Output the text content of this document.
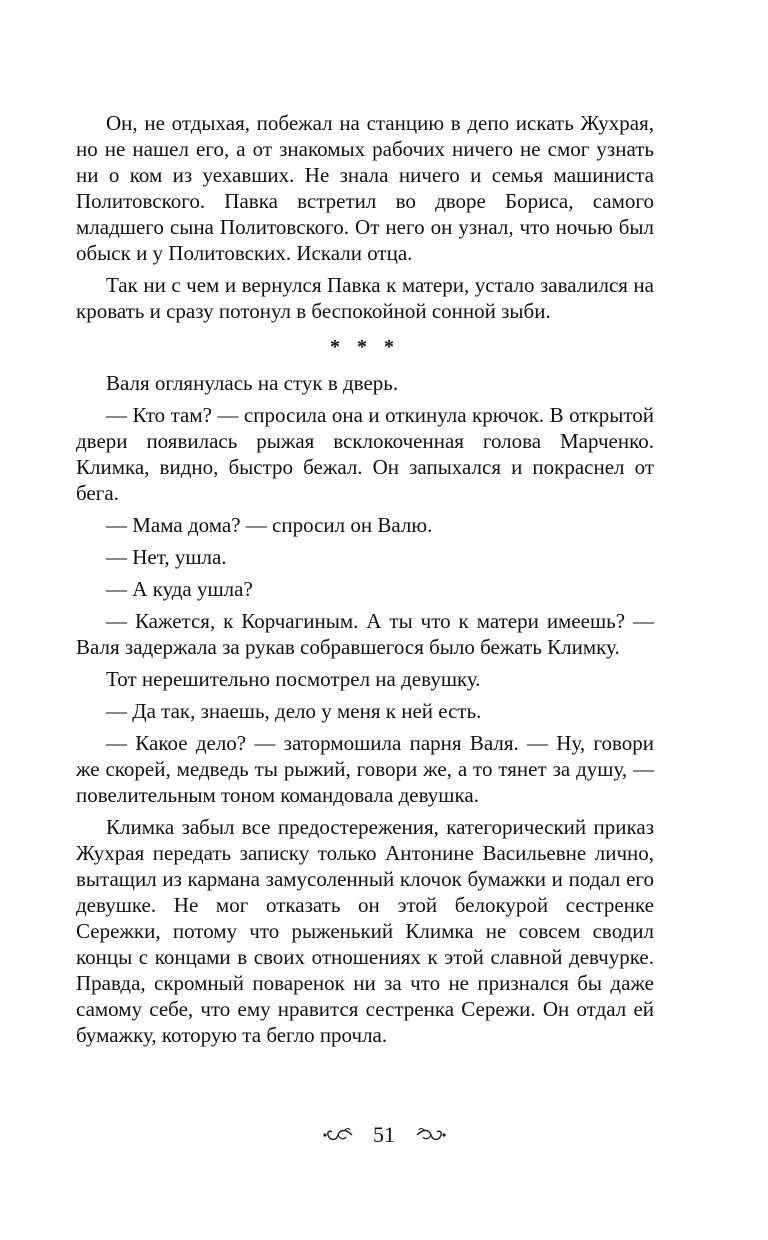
Он, не отдыхая, побежал на станцию в депо искать Жухрая, но не нашел его, а от знакомых рабочих ничего не смог узнать ни о ком из уехавших. Не знала ничего и семья машиниста Политовского. Павка встретил во дворе Бориса, самого младшего сына Политовского. От него он узнал, что ночью был обыск и у Политовских. Искали отца.

Так ни с чем и вернулся Павка к матери, устало завалился на кровать и сразу потонул в беспокойной сонной зыби.

* * *

Валя оглянулась на стук в дверь.

— Кто там? — спросила она и откинула крючок. В открытой двери появилась рыжая всклокоченная голова Марченко. Климка, видно, быстро бежал. Он запыхался и покраснел от бега.

— Мама дома? — спросил он Валю.

— Нет, ушла.

— А куда ушла?

— Кажется, к Корчагиным. А ты что к матери имеешь? — Валя задержала за рукав собравшегося было бежать Климку.

Тот нерешительно посмотрел на девушку.

— Да так, знаешь, дело у меня к ней есть.

— Какое дело? — затормошила парня Валя. — Ну, говори же скорей, медведь ты рыжий, говори же, а то тянет за душу, — повелительным тоном командовала девушка.

Климка забыл все предостережения, категорический приказ Жухрая передать записку только Антонине Васильевне лично, вытащил из кармана замусоленный клочок бумажки и подал его девушке. Не мог отказать он этой белокурой сестренке Сережки, потому что рыженький Климка не совсем сводил концы с концами в своих отношениях к этой славной девчурке. Правда, скромный поваренок ни за что не признался бы даже самому себе, что ему нравится сестренка Сережи. Он отдал ей бумажку, которую та бегло прочла.

51
